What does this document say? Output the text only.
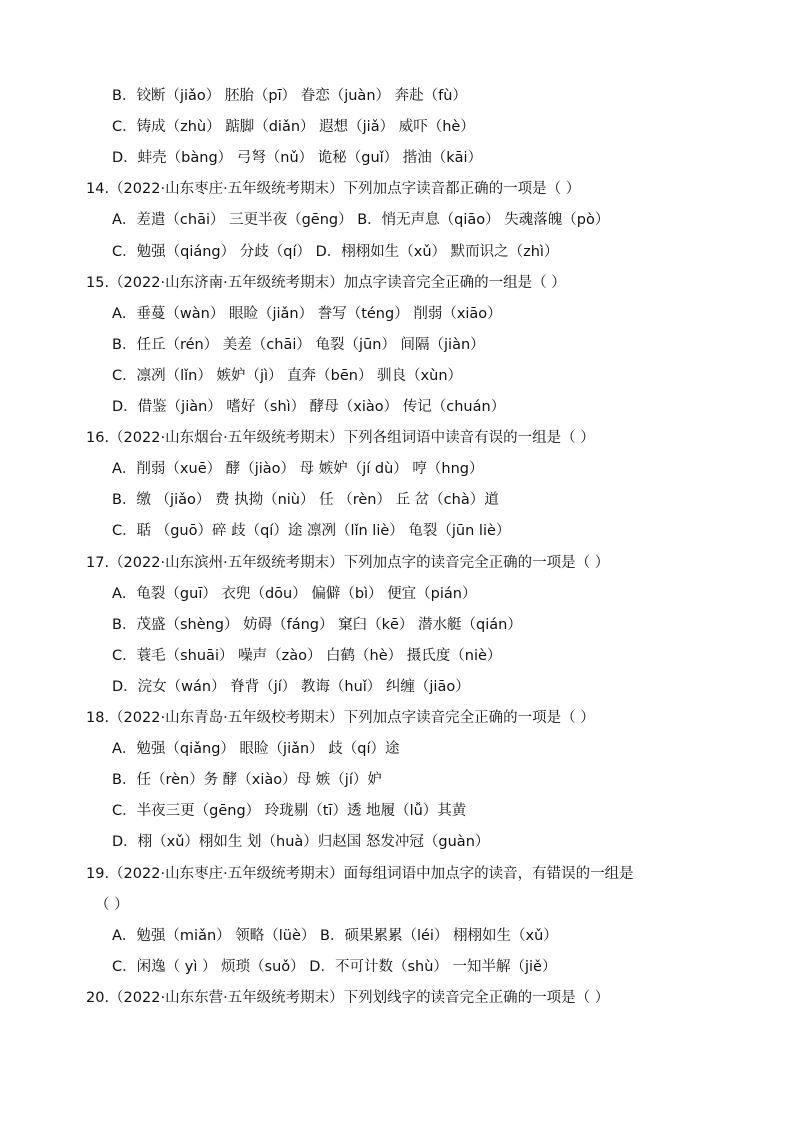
B．铰断（jiǎo） 胚胎（pī） 眷恋（juàn） 奔赴（fù）
C．铸成（zhù） 踮脚（diǎn） 遐想（jiǎ） 威吓（hè）
D．蚌壳（bàng） 弓弩（nǔ） 诡秘（guǐ） 揩油（kāi）
14.（2022·山东枣庄·五年级统考期末）下列加点字读音都正确的一项是（ ）
A．差遣（chāi） 三更半夜（gēng） B．悄无声息（qiāo） 失魂落魄（pò）
C．勉强（qiáng） 分歧（qí） D．栩栩如生（xǔ） 默而识之（zhì）
15.（2022·山东济南·五年级统考期末）加点字读音完全正确的一组是（ ）
A．垂蔓（wàn） 眼睑（jiǎn） 誊写（téng） 削弱（xiāo）
B．任丘（rén） 美差（chāi） 龟裂（jūn） 间隔（jiàn）
C．凛冽（lǐn） 嫉妒（jì） 直奔（bēn） 驯良（xùn）
D．借鉴（jiàn） 嗜好（shì） 酵母（xiào） 传记（chuán）
16.（2022·山东烟台·五年级统考期末）下列各组词语中读音有误的一组是（ ）
A．削弱（xuē） 酵（jiào） 母 嫉妒（jí dù） 哼（hng）
B．缴 （jiǎo） 费 执拗（niù） 任 （rèn） 丘 岔（chà）道
C．聒 （guō）碎 歧（qí）途 凛冽（lǐn liè） 龟裂（jūn liè）
17.（2022·山东滨州·五年级统考期末）下列加点字的读音完全正确的一项是（ ）
A．龟裂（guī） 衣兜（dōu） 偏僻（bì） 便宜（pián）
B．茂盛（shèng） 妨碍（fáng） 窠臼（kē） 潜水艇（qián）
C．蓑毛（shuāi） 噪声（zào） 白鹤（hè） 摄氏度（niè）
D．浣女（wán） 脊背（jí） 教诲（huǐ） 纠缠（jiāo）
18.（2022·山东青岛·五年级校考期末）下列加点字读音完全正确的一项是（ ）
A．勉强（qiǎng） 眼睑（jiǎn） 歧（qí）途
B．任（rèn）务 酵（xiào）母 嫉（jí）妒
C．半夜三更（gēng） 玲珑剔（tī）透 地履（lǚ）其黄
D．栩（xǔ）栩如生 划（huà）归赵国 怒发冲冠（guàn）
19.（2022·山东枣庄·五年级统考期末）面每组词语中加点字的读音，有错误的一组是
（ ）
A．勉强（miǎn） 领略（lüè） B．硕果累累（léi） 栩栩如生（xǔ）
C．闲逸（ yì ） 烦琐（suǒ） D．不可计数（shù） 一知半解（jiě）
20.（2022·山东东营·五年级统考期末）下列划线字的读音完全正确的一项是（ ）
